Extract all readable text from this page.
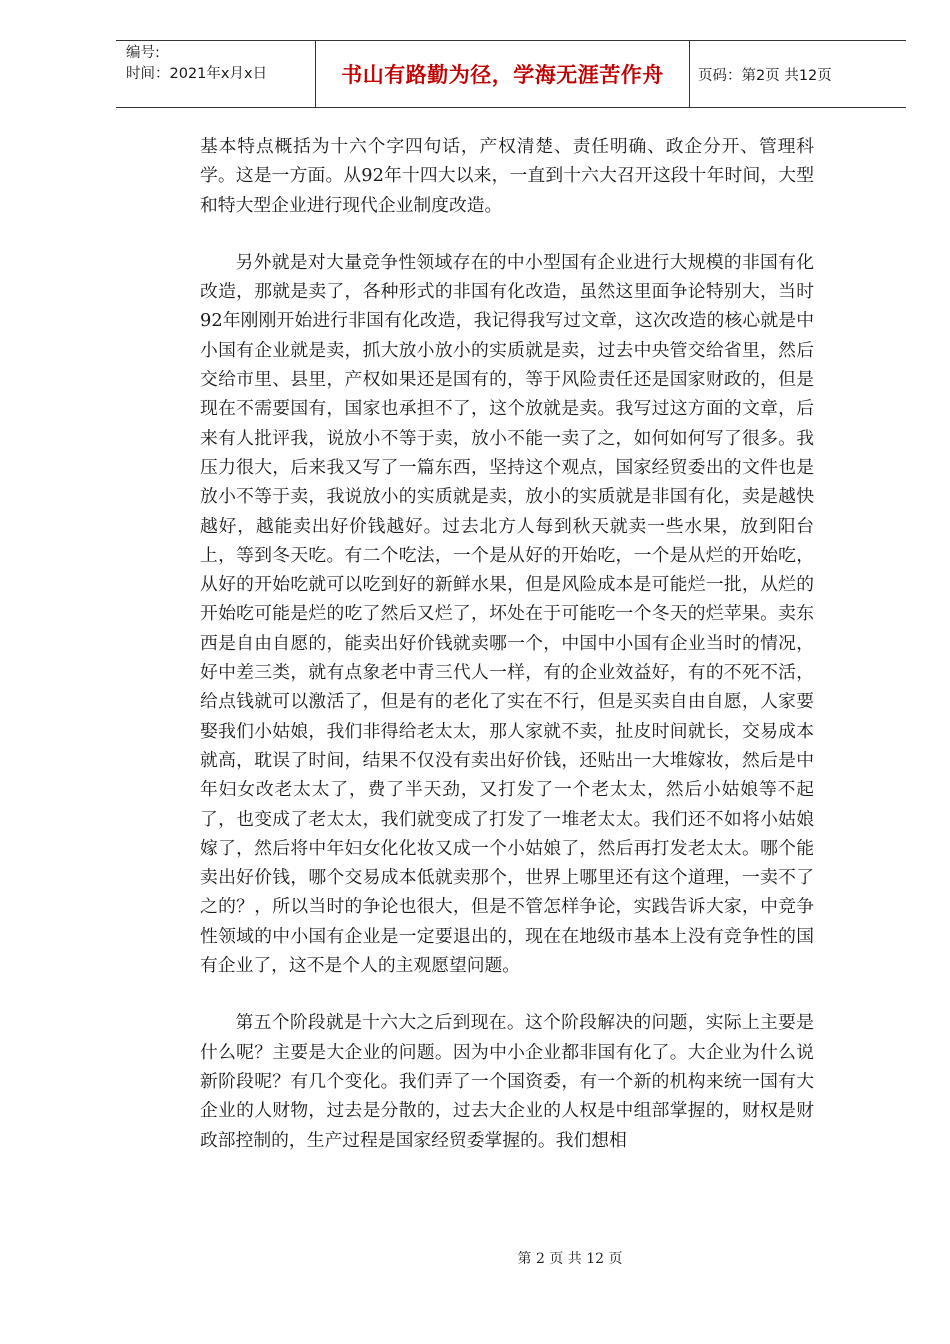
编号:
时间：2021年x月x日	书山有路勤为径，学海无涯苦作舟	页码：第2页 共12页

基本特点概括为十六个字四句话，产权清楚、责任明确、政企分开、管理科学。这是一方面。从92年十四大以来，一直到十六大召开这段十年时间，大型和特大型企业进行现代企业制度改造。

另外就是对大量竞争性领域存在的中小型国有企业进行大规模的非国有化改造，那就是卖了，各种形式的非国有化改造，虽然这里面争论特别大，当时92年刚刚开始进行非国有化改造，我记得我写过文章，这次改造的核心就是中小国有企业就是卖，抓大放小放小的实质就是卖，过去中央管交给省里，然后交给市里、县里，产权如果还是国有的，等于风险责任还是国家财政的，但是现在不需要国有，国家也承担不了，这个放就是卖。我写过这方面的文章，后来有人批评我，说放小不等于卖，放小不能一卖了之，如何如何写了很多。我压力很大，后来我又写了一篇东西，坚持这个观点，国家经贸委出的文件也是放小不等于卖，我说放小的实质就是卖，放小的实质就是非国有化，卖是越快越好，越能卖出好价钱越好。过去北方人每到秋天就卖一些水果，放到阳台上，等到冬天吃。有二个吃法，一个是从好的开始吃，一个是从烂的开始吃，从好的开始吃就可以吃到好的新鲜水果，但是风险成本是可能烂一批，从烂的开始吃可能是烂的吃了然后又烂了，坏处在于可能吃一个冬天的烂苹果。卖东西是自由自愿的，能卖出好价钱就卖哪一个，中国中小国有企业当时的情况，好中差三类，就有点象老中青三代人一样，有的企业效益好，有的不死不活，给点钱就可以激活了，但是有的老化了实在不行，但是买卖自由自愿，人家要娶我们小姑娘，我们非得给老太太，那人家就不卖，扯皮时间就长，交易成本就高，耽误了时间，结果不仅没有卖出好价钱，还贴出一大堆嫁妆，然后是中年妇女改老太太了，费了半天劲，又打发了一个老太太，然后小姑娘等不起了，也变成了老太太，我们就变成了打发了一堆老太太。我们还不如将小姑娘嫁了，然后将中年妇女化化妆又成一个小姑娘了，然后再打发老太太。哪个能卖出好价钱，哪个交易成本低就卖那个，世界上哪里还有这个道理，一卖不了之的？，所以当时的争论也很大，但是不管怎样争论，实践告诉大家，中竞争性领域的中小国有企业是一定要退出的，现在在地级市基本上没有竞争性的国有企业了，这不是个人的主观愿望问题。

第五个阶段就是十六大之后到现在。这个阶段解决的问题，实际上主要是什么呢？主要是大企业的问题。因为中小企业都非国有化了。大企业为什么说新阶段呢？有几个变化。我们弄了一个国资委，有一个新的机构来统一国有大企业的人财物，过去是分散的，过去大企业的人权是中组部掌握的，财权是财政部控制的，生产过程是国家经贸委掌握的。我们想相

第 2 页 共 12 页
